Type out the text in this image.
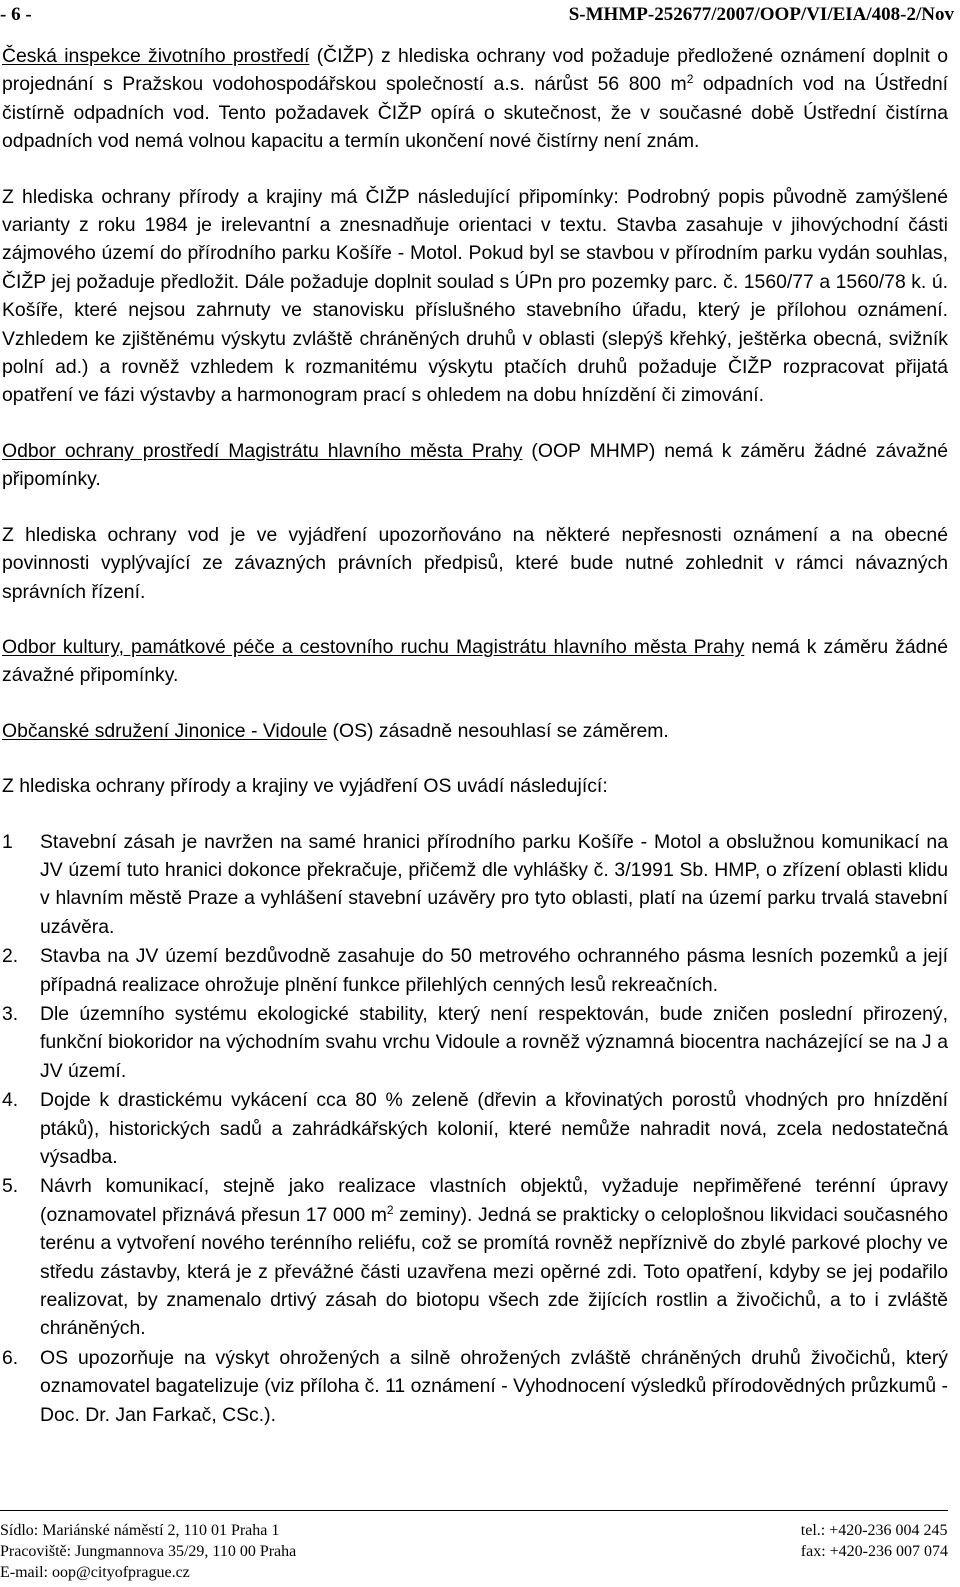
- 6 -	S-MHMP-252677/2007/OOP/VI/EIA/408-2/Nov

Česká inspekce životního prostředí (ČIŽP) z hlediska ochrany vod požaduje předložené oznámení doplnit o projednání s Pražskou vodohospodářskou společností a.s. nárůst 56 800 $m^2$ odpadních vod na Ústřední čistírně odpadních vod. Tento požadavek ČIŽP opírá o skutečnost, že v současné době Ústřední čistírna odpadních vod nemá volnou kapacitu a termín ukončení nové čistírny není znám.

Z hlediska ochrany přírody a krajiny má ČIŽP následující připomínky: Podrobný popis původně zamýšlené varianty z roku 1984 je irelevantní a znesnadňuje orientaci v textu. Stavba zasahuje v jihovýchodní části zájmového území do přírodního parku Košíře - Motol. Pokud byl se stavbou v přírodním parku vydán souhlas, ČIŽP jej požaduje předložit. Dále požaduje doplnit soulad s ÚPn pro pozemky parc. č. 1560/77 a 1560/78 k. ú. Košíře, které nejsou zahrnuty ve stanovisku příslušného stavebního úřadu, který je přílohou oznámení. Vzhledem ke zjištěnému výskytu zvláště chráněných druhů v oblasti (slepýš křehký, ještěrka obecná, svižník polní ad.) a rovněž vzhledem k rozmanitému výskytu ptačích druhů požaduje ČIŽP rozpracovat přijatá opatření ve fázi výstavby a harmonogram prací s ohledem na dobu hnízdění či zimování.

Odbor ochrany prostředí Magistrátu hlavního města Prahy (OOP MHMP) nemá k záměru žádné závažné připomínky.

Z hlediska ochrany vod je ve vyjádření upozorňováno na některé nepřesnosti oznámení a na obecné povinnosti vyplývající ze závazných právních předpisů, které bude nutné zohlednit v rámci návazných správních řízení.

Odbor kultury, památkové péče a cestovního ruchu Magistrátu hlavního města Prahy nemá k záměru žádné závažné připomínky.

Občanské sdružení Jinonice - Vidoule (OS) zásadně nesouhlasí se záměrem.

Z hlediska ochrany přírody a krajiny ve vyjádření OS uvádí následující:

1 Stavební zásah je navržen na samé hranici přírodního parku Košíře - Motol a obslužnou komunikací na JV území tuto hranici dokonce překračuje, přičemž dle vyhlášky č. 3/1991 Sb. HMP, o zřízení oblasti klidu v hlavním městě Praze a vyhlášení stavební uzávěry pro tyto oblasti, platí na území parku trvalá stavební uzávěra.
2. Stavba na JV území bezdůvodně zasahuje do 50 metrového ochranného pásma lesních pozemků a její případná realizace ohrožuje plnění funkce přilehlých cenných lesů rekreačních.
3. Dle územního systému ekologické stability, který není respektován, bude zničen poslední přirozený, funkční biokoridor na východním svahu vrchu Vidoule a rovněž významná biocentra nacházející se na J a JV území.
4. Dojde k drastickému vykácení cca 80 % zeleně (dřevin a křovinatých porostů vhodných pro hnízdění ptáků), historických sadů a zahrádkářských kolonií, které nemůže nahradit nová, zcela nedostatečná výsadba.
5. Návrh komunikací, stejně jako realizace vlastních objektů, vyžaduje nepřiměřené terénní úpravy (oznamovatel přiznává přesun 17 000 $m^2$ zeminy). Jedná se prakticky o celoplošnou likvidaci současného terénu a vytvoření nového terénního reliéfu, což se promítá rovněž nepříznivě do zbylé parkové plochy ve středu zástavby, která je z převážné části uzavřena mezi opěrné zdi. Toto opatření, kdyby se jej podařilo realizovat, by znamenalo drtivý zásah do biotopu všech zde žijících rostlin a živočichů, a to i zvláště chráněných.
6. OS upozorňuje na výskyt ohrožených a silně ohrožených zvláště chráněných druhů živočichů, který oznamovatel bagatelizuje (viz příloha č. 11 oznámení - Vyhodnocení výsledků přírodovědných průzkumů - Doc. Dr. Jan Farkač, CSc.).
Sídlo: Mariánské náměstí 2, 110 01 Praha 1
Pracoviště: Jungmannova 35/29, 110 00 Praha
E-mail: oop@cityofprague.cz
tel.: +420-236 004 245
fax: +420-236 007 074
